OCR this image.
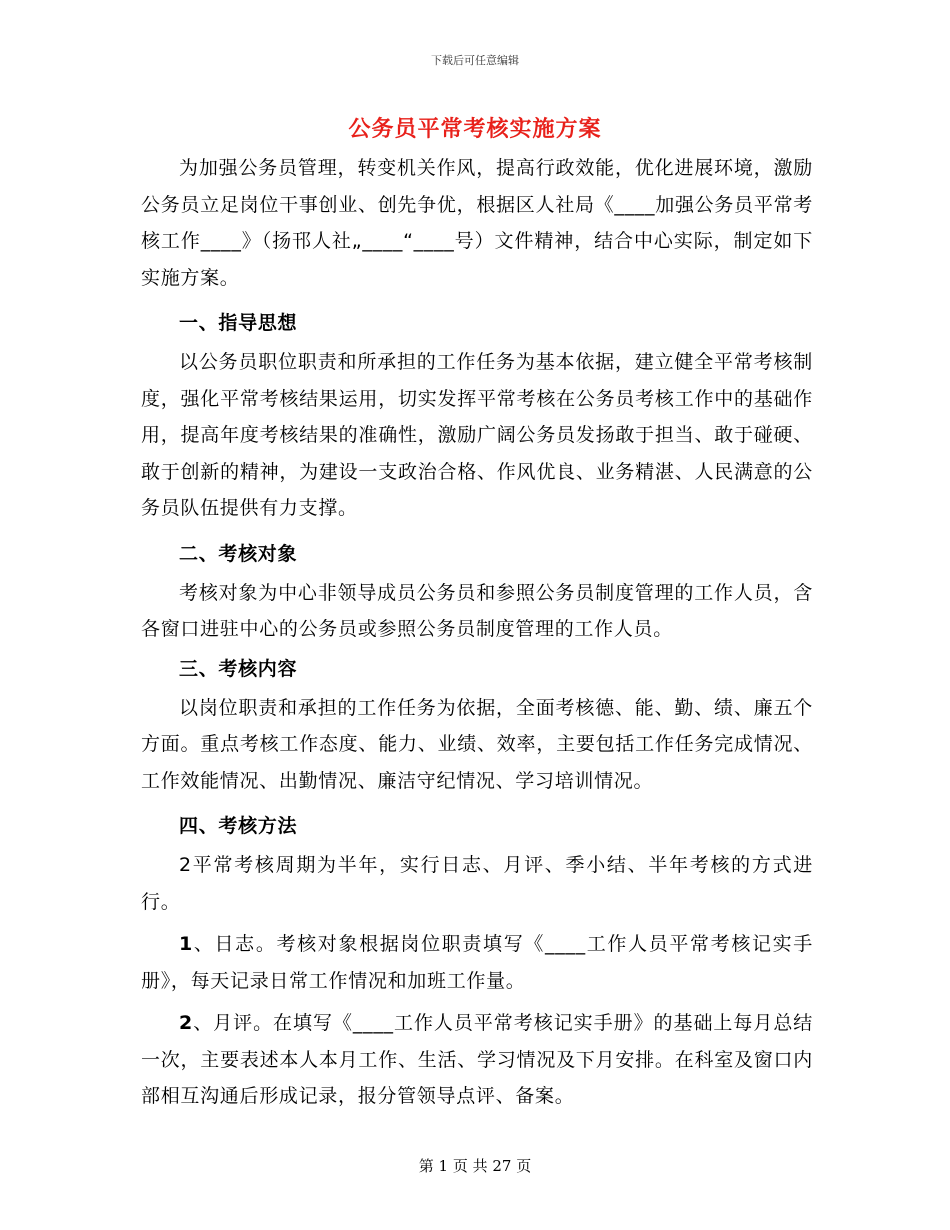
下载后可任意编辑
公务员平常考核实施方案

为加强公务员管理，转变机关作风，提高行政效能，优化进展环境，激励公务员立足岗位干事创业、创先争优，根据区人社局《____加强公务员平常考核工作____》（扬邗人社„____“____号）文件精神，结合中心实际，制定如下实施方案。

一、指导思想

以公务员职位职责和所承担的工作任务为基本依据，建立健全平常考核制度，强化平常考核结果运用，切实发挥平常考核在公务员考核工作中的基础作用，提高年度考核结果的准确性，激励广阔公务员发扬敢于担当、敢于碰硬、敢于创新的精神，为建设一支政治合格、作风优良、业务精湛、人民满意的公务员队伍提供有力支撑。

二、考核对象

考核对象为中心非领导成员公务员和参照公务员制度管理的工作人员，含各窗口进驻中心的公务员或参照公务员制度管理的工作人员。

三、考核内容

以岗位职责和承担的工作任务为依据，全面考核德、能、勤、绩、廉五个方面。重点考核工作态度、能力、业绩、效率，主要包括工作任务完成情况、工作效能情况、出勤情况、廉洁守纪情况、学习培训情况。

四、考核方法

2平常考核周期为半年，实行日志、月评、季小结、半年考核的方式进行。

1、日志。考核对象根据岗位职责填写《____工作人员平常考核记实手册》，每天记录日常工作情况和加班工作量。

2、月评。在填写《____工作人员平常考核记实手册》的基础上每月总结一次，主要表述本人本月工作、生活、学习情况及下月安排。在科室及窗口内部相互沟通后形成记录，报分管领导点评、备案。

第 1 页 共 27 页
